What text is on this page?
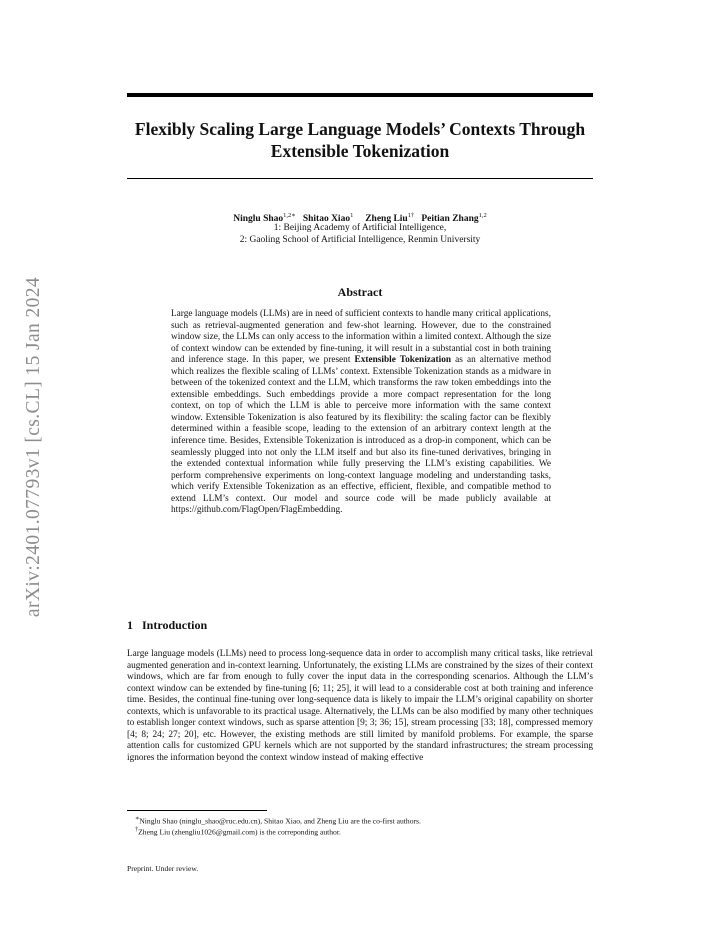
Flexibly Scaling Large Language Models’ Contexts Through Extensible Tokenization
arXiv:2401.07793v1 [cs.CL] 15 Jan 2024
Ninglu Shao$^{1,2∗}$ Shitao Xiao$^1$ Zheng Liu$^{1\dagger}$ Peitian Zhang$^{1,2}$
1: Beijing Academy of Artificial Intelligence,
2: Gaoling School of Artificial Intelligence, Renmin University
Abstract
Large language models (LLMs) are in need of sufficient contexts to handle many critical applications, such as retrieval-augmented generation and few-shot learning. However, due to the constrained window size, the LLMs can only access to the information within a limited context. Although the size of context window can be extended by fine-tuning, it will result in a substantial cost in both training and inference stage. In this paper, we present Extensible Tokenization as an alternative method which realizes the flexible scaling of LLMs’ context. Extensible Tokenization stands as a midware in between of the tokenized context and the LLM, which transforms the raw token embeddings into the extensible embeddings. Such embeddings provide a more compact representation for the long context, on top of which the LLM is able to perceive more information with the same context window. Extensible Tokenization is also featured by its flexibility: the scaling factor can be flexibly determined within a feasible scope, leading to the extension of an arbitrary context length at the inference time. Besides, Extensible Tokenization is introduced as a drop-in component, which can be seamlessly plugged into not only the LLM itself and but also its fine-tuned derivatives, bringing in the extended contextual information while fully preserving the LLM’s existing capabilities. We perform comprehensive experiments on long-context language modeling and understanding tasks, which verify Extensible Tokenization as an effective, efficient, flexible, and compatible method to extend LLM’s context. Our model and source code will be made publicly available at https://github.com/FlagOpen/FlagEmbedding.
1   Introduction
Large language models (LLMs) need to process long-sequence data in order to accomplish many critical tasks, like retrieval augmented generation and in-context learning. Unfortunately, the existing LLMs are constrained by the sizes of their context windows, which are far from enough to fully cover the input data in the corresponding scenarios. Although the LLM’s context window can be extended by fine-tuning [6; 11; 25], it will lead to a considerable cost at both training and inference time. Besides, the continual fine-tuning over long-sequence data is likely to impair the LLM’s original capability on shorter contexts, which is unfavorable to its practical usage. Alternatively, the LLMs can be also modified by many other techniques to establish longer context windows, such as sparse attention [9; 3; 36; 15], stream processing [33; 18], compressed memory [4; 8; 24; 27; 20], etc. However, the existing methods are still limited by manifold problems. For example, the sparse attention calls for customized GPU kernels which are not supported by the standard infrastructures; the stream processing ignores the information beyond the context window instead of making effective
∗Ninglu Shao (ninglu_shao@ruc.edu.cn), Shitao Xiao, and Zheng Liu are the co-first authors.
†Zheng Liu (zhengliu1026@gmail.com) is the correponding author.
Preprint. Under review.
